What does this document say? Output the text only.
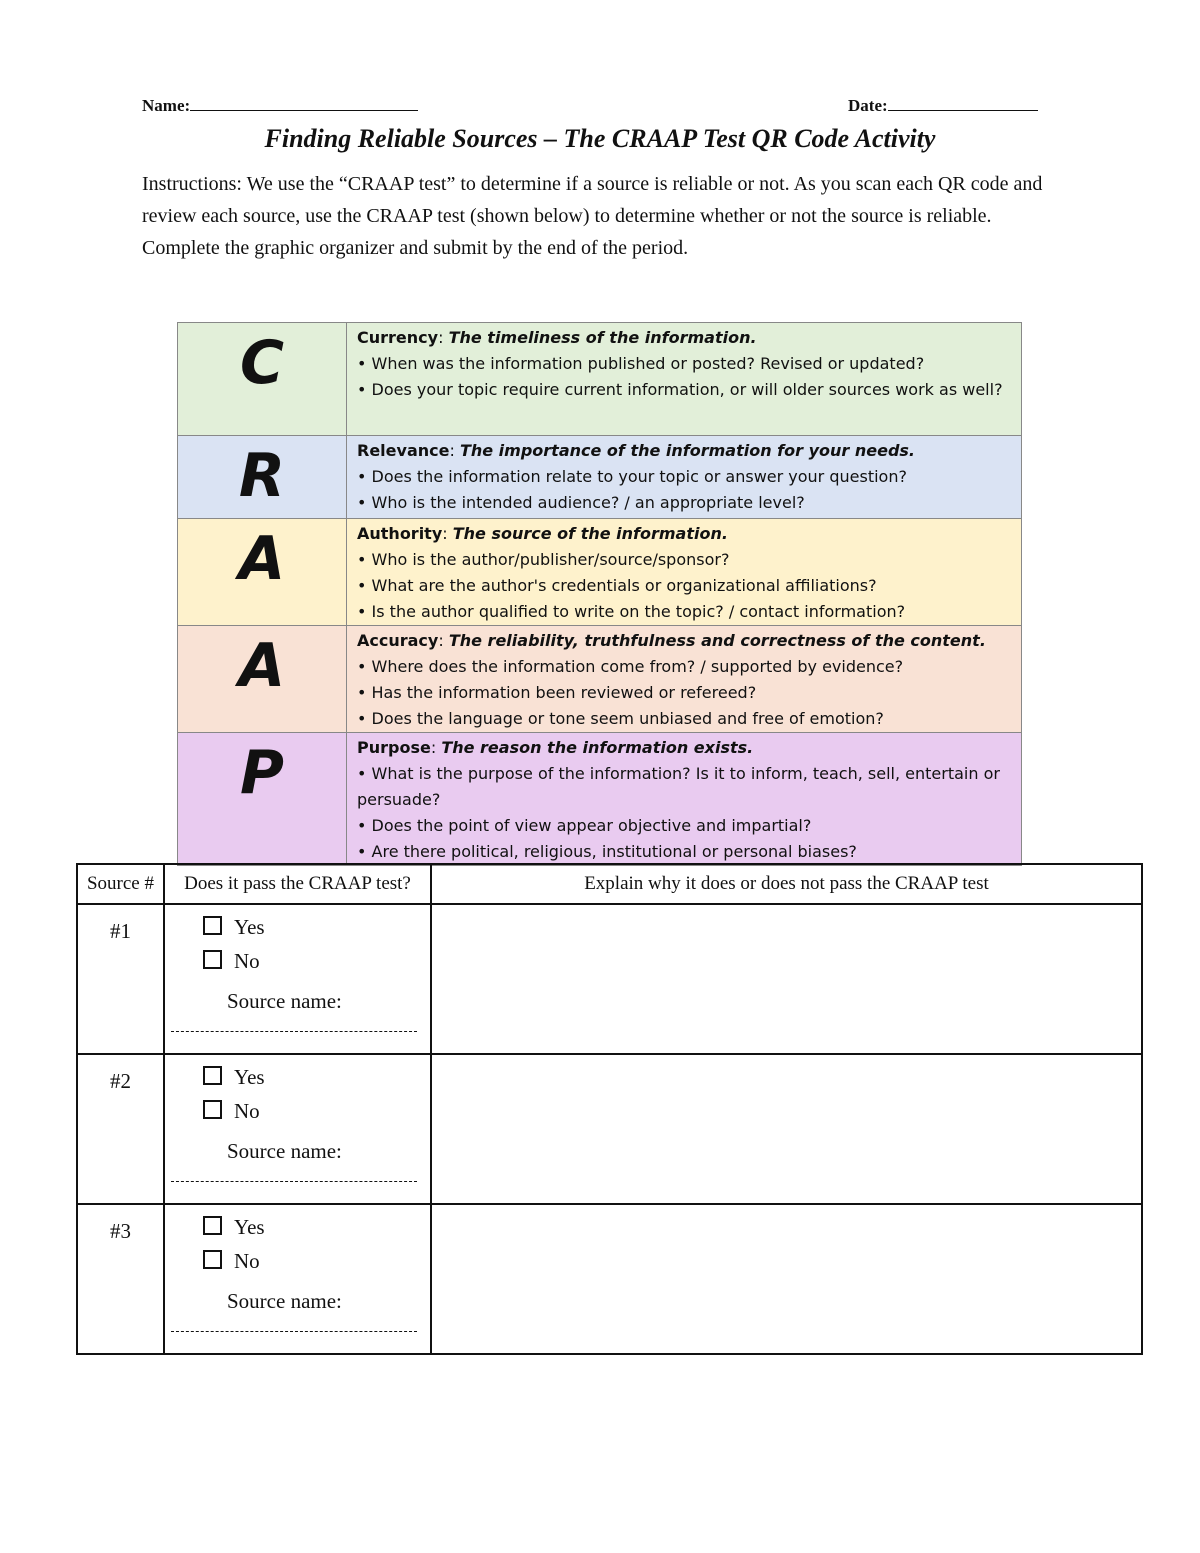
Name:	Date:
Finding Reliable Sources – The CRAAP Test QR Code Activity
Instructions: We use the “CRAAP test” to determine if a source is reliable or not. As you scan each QR code and review each source, use the CRAAP test (shown below) to determine whether or not the source is reliable. Complete the graphic organizer and submit by the end of the period.
C	Currency: The timeliness of the information.
• When was the information published or posted? Revised or updated?
• Does your topic require current information, or will older sources work as well?

R	Relevance: The importance of the information for your needs.
• Does the information relate to your topic or answer your question?
• Who is the intended audience? / an appropriate level?

A	Authority: The source of the information.
• Who is the author/publisher/source/sponsor?
• What are the author's credentials or organizational affiliations?
• Is the author qualified to write on the topic? / contact information?

A	Accuracy: The reliability, truthfulness and correctness of the content.
• Where does the information come from? / supported by evidence?
• Has the information been reviewed or refereed?
• Does the language or tone seem unbiased and free of emotion?

P	Purpose: The reason the information exists.
• What is the purpose of the information? Is it to inform, teach, sell, entertain or persuade?
• Does the point of view appear objective and impartial?
• Are there political, religious, institutional or personal biases?
Source #	Does it pass the CRAAP test?	Explain why it does or does not pass the CRAAP test

#1	Yes
No
Source name:	

#2	Yes
No
Source name:	

#3	Yes
No
Source name:	
